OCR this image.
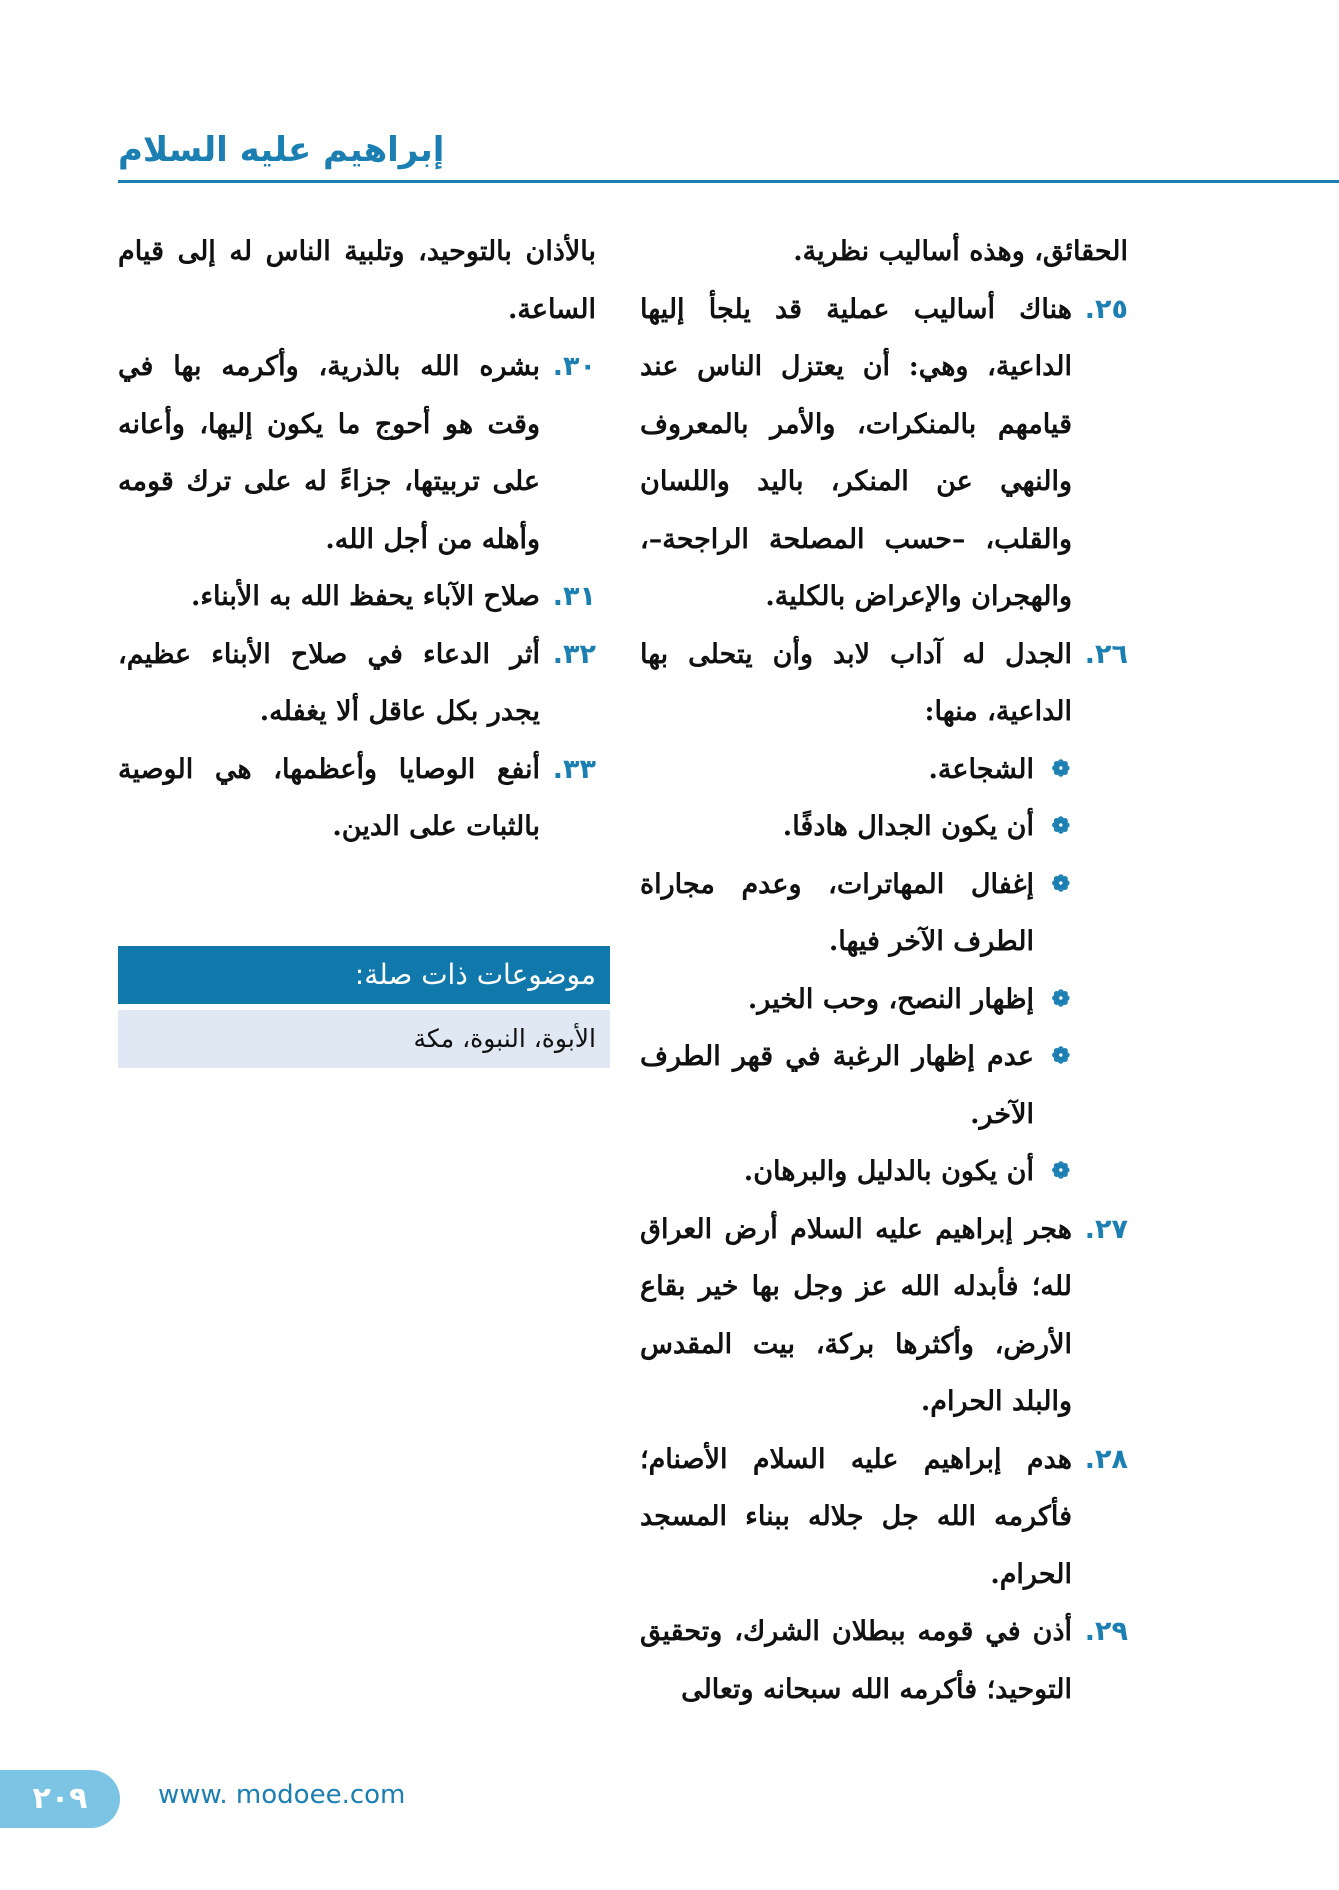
إبراهيم عليه السلام

الحقائق، وهذه أساليب نظرية.

٢٥.

هناك أساليب عملية قد يلجأ إليها الداعية، وهي: أن يعتزل الناس عند قيامهم بالمنكرات، والأمر بالمعروف والنهي عن المنكر، باليد واللسان والقلب، –حسب المصلحة الراجحة–، والهجران والإعراض بالكلية.

٢٦.

الجدل له آداب لابد وأن يتحلى بها الداعية، منها:

❁
الشجاعة.
❁
أن يكون الجدال هادفًا.
❁
إغفال المهاترات، وعدم مجاراة الطرف الآخر فيها.
❁
إظهار النصح، وحب الخير.
❁
عدم إظهار الرغبة في قهر الطرف الآخر.
❁
أن يكون بالدليل والبرهان.
٢٧.

هجر إبراهيم عليه السلام أرض العراق لله؛ فأبدله الله عز وجل بها خير بقاع الأرض، وأكثرها بركة، بيت المقدس والبلد الحرام.

٢٨.

هدم إبراهيم عليه السلام الأصنام؛ فأكرمه الله جل جلاله ببناء المسجد الحرام.

٢٩.

أذن في قومه ببطلان الشرك، وتحقيق التوحيد؛ فأكرمه الله سبحانه وتعالى

بالأذان بالتوحيد، وتلبية الناس له إلى قيام الساعة.

٣٠.

بشره الله بالذرية، وأكرمه بها في وقت هو أحوج ما يكون إليها، وأعانه على تربيتها، جزاءً له على ترك قومه وأهله من أجل الله.

٣١.

صلاح الآباء يحفظ الله به الأبناء.

٣٢.

أثر الدعاء في صلاح الأبناء عظيم، يجدر بكل عاقل ألا يغفله.

٣٣.

أنفع الوصايا وأعظمها، هي الوصية بالثبات على الدين.

موضوعات ذات صلة:
الأبوة، النبوة، مكة
٢٠٩	www. modoee.com
